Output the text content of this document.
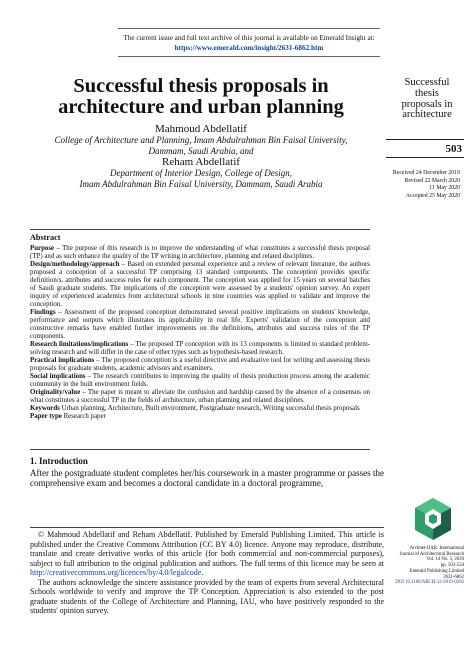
The current issue and full text archive of this journal is available on Emerald Insight at:
https://www.emerald.com/insight/2631-6862.htm
Successful thesis proposals in
architecture and urban planning
Mahmoud Abdellatif
College of Architecture and Planning, Imam Abdulrahman Bin Faisal University,
Dammam, Saudi Arabia, and
Reham Abdellatif
Department of Interior Design, College of Design,
Imam Abdulrahman Bin Faisal University, Dammam, Saudi Arabia
Successful
thesis
proposals in
architecture
503
Received 24 December 2019
Revised 22 March 2020
11 May 2020
Accepted 25 May 2020
Abstract

Purpose – The purpose of this research is to improve the understanding of what constitutes a successful thesis proposal (TP) and as such enhance the quality of the TP writing in architecture, planning and related disciplines.

Design/methodology/approach – Based on extended personal experience and a review of relevant literature, the authors proposed a conception of a successful TP comprising 13 standard components. The conception provides specific definition/s, attributes and success rules for each component. The conception was applied for 15 years on several batches of Saudi graduate students. The implications of the conception were assessed by a students' opinion survey. An expert inquiry of experienced academics from architectural schools in nine countries was applied to validate and improve the conception.

Findings – Assessment of the proposed conception demonstrated several positive implications on students' knowledge, performance and outputs which illustrates its applicability in real life. Experts' validation of the conception and constructive remarks have enabled further improvements on the definitions, attributes and success rules of the TP components.

Research limitations/implications – The proposed TP conception with its 13 components is limited to standard problem-solving research and will differ in the case of other types such as hypothesis-based research.

Practical implications – The proposed conception is a useful directive and evaluative tool for writing and assessing thesis proposals for graduate students, academic advisors and examiners.

Social implications – The research contributes to improving the quality of thesis production process among the academic community in the built environment fields.

Originality/value – The paper is meant to alleviate the confusion and hardship caused by the absence of a consensus on what constitutes a successful TP in the fields of architecture, urban planning and related disciplines.

Keywords Urban planning, Architecture, Built environment, Postgraduate research, Writing successful thesis proposals

Paper type Research paper

1. Introduction
After the postgraduate student completes her/his coursework in a master programme or passes the comprehensive exam and becomes a doctoral candidate in a doctoral programme,

© Mahmoud Abdellatif and Reham Abdellatif. Published by Emerald Publishing Limited. This article is published under the Creative Commons Attribution (CC BY 4.0) licence. Anyone may reproduce, distribute, translate and create derivative works of this article (for both commercial and non-commercial purposes), subject to full attribution to the original publication and authors. The full terms of this licence may be seen at http://creativecommons.org/licences/by/4.0/legalcode.

The authors acknowledge the sincere assistance provided by the team of experts from several Architectural Schools worldwide to verify and improve the TP Conception. Appreciation is also extended to the post graduate students of the College of Architecture and Planning, IAU, who have positively responded to the students' opinion survey.

Archnet-IJAR: International
Journal of Architectural Research
Vol. 14 No. 3, 2020
pp. 503-524
Emerald Publishing Limited
2631-6862
DOI 10.1108/ARCH-12-2019-0282
